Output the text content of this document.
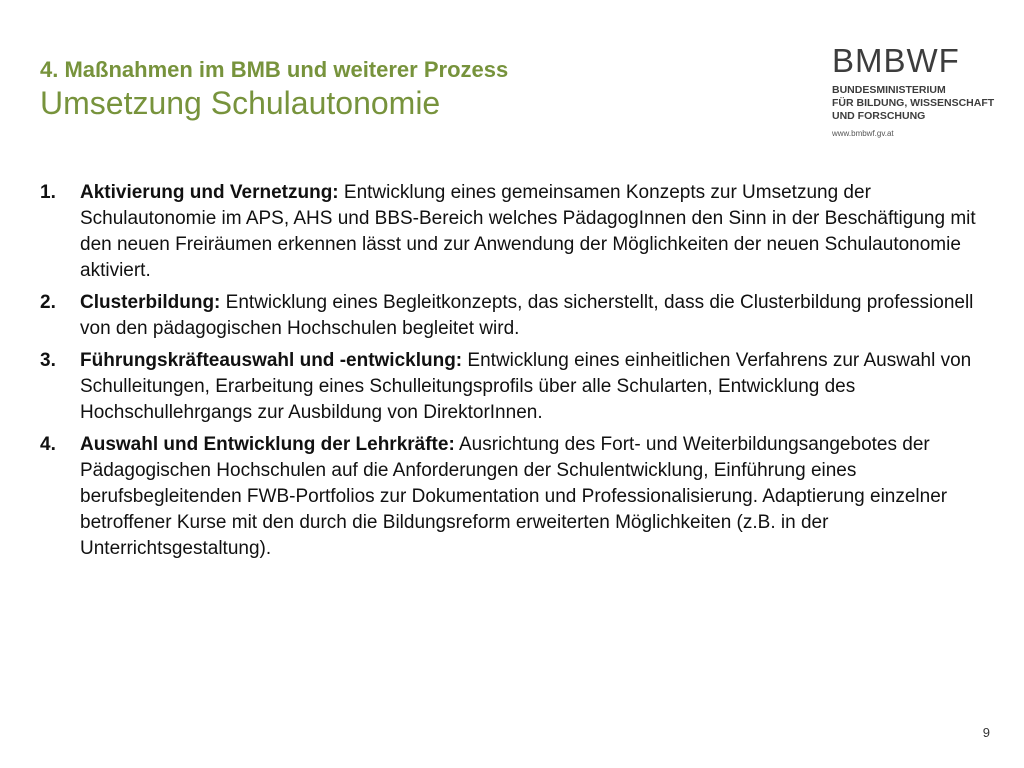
4. Maßnahmen im BMB und weiterer Prozess
Umsetzung Schulautonomie
BMBWF
BUNDESMINISTERIUM
FÜR BILDUNG, WISSENSCHAFT
UND FORSCHUNG
www.bmbwf.gv.at
1.	Aktivierung und Vernetzung: Entwicklung eines gemeinsamen Konzepts zur Umsetzung der Schulautonomie im APS, AHS und BBS-Bereich welches PädagogInnen den Sinn in der Beschäftigung mit den neuen Freiräumen erkennen lässt und zur Anwendung der Möglichkeiten der neuen Schulautonomie aktiviert.
2.	Clusterbildung: Entwicklung eines Begleitkonzepts, das sicherstellt, dass die Clusterbildung professionell von den pädagogischen Hochschulen begleitet wird.
3.	Führungskräfteauswahl und -entwicklung: Entwicklung eines einheitlichen Verfahrens zur Auswahl von Schulleitungen, Erarbeitung eines Schulleitungsprofils über alle Schularten, Entwicklung des Hochschullehrgangs zur Ausbildung von DirektorInnen.
4.	Auswahl und Entwicklung der Lehrkräfte: Ausrichtung des Fort- und Weiterbildungsangebotes der Pädagogischen Hochschulen auf die Anforderungen der Schulentwicklung, Einführung eines berufsbegleitenden FWB-Portfolios zur Dokumentation und Professionalisierung. Adaptierung einzelner betroffener Kurse mit den durch die Bildungsreform erweiterten Möglichkeiten (z.B. in der Unterrichtsgestaltung).
9
